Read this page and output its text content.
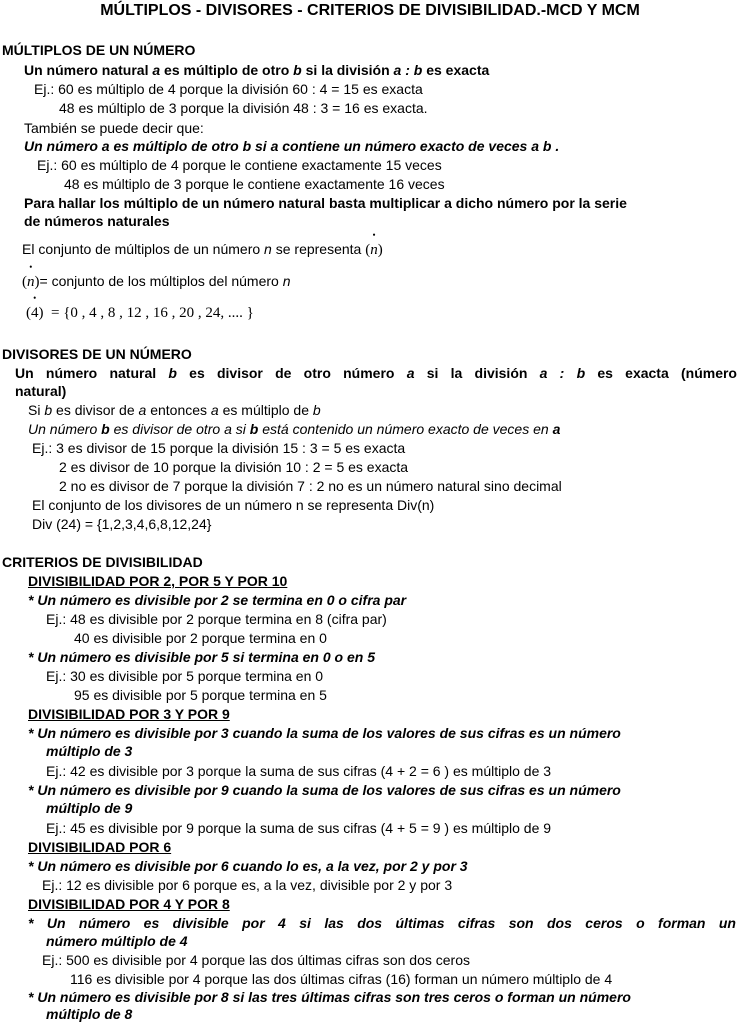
MÚLTIPLOS - DIVISORES - CRITERIOS DE DIVISIBILIDAD.-MCD Y MCM
MÚLTIPLOS DE UN NÚMERO
Un número natural a es múltiplo de otro b si la división a : b es exacta
Ej.: 60 es múltiplo de 4 porque la división 60 : 4 = 15 es exacta
48 es múltiplo de 3 porque la división 48 : 3 = 16 es exacta.
También se puede decir que:
Un número a es múltiplo de otro b si a contiene un número exacto de veces a b .
Ej.: 60 es múltiplo de 4 porque le contiene exactamente 15 veces
48 es múltiplo de 3 porque le contiene exactamente 16 veces
Para hallar los múltiplo de un número natural basta multiplicar a dicho número por la serie
de números naturales
El conjunto de múltiplos de un número n se representa (• n)
(• n)= conjunto de los múltiplos del número n
(• 4)  = {0 , 4 , 8 , 12 , 16 , 20 , 24, .... }
DIVISORES DE UN NÚMERO
Un número natural b es divisor de otro número a si la división a : b es exacta (número
natural)
Si b es divisor de a entonces a es múltiplo de b
Un número b es divisor de otro a si b está contenido un número exacto de veces en a
Ej.: 3 es divisor de 15 porque la división 15 : 3 = 5 es exacta
2 es divisor de 10 porque la división 10 : 2 = 5 es exacta
2 no es divisor de 7 porque la división 7 : 2 no es un número natural sino decimal
El conjunto de los divisores de un número n se representa Div(n)
Div (24) = {1,2,3,4,6,8,12,24}
CRITERIOS DE DIVISIBILIDAD
DIVISIBILIDAD POR 2, POR 5 Y POR 10
* Un número es divisible por 2 se termina en 0 o cifra par
Ej.: 48 es divisible por 2 porque termina en 8 (cifra par)
40 es divisible por 2 porque termina en 0
* Un número es divisible por 5 si termina en 0 o en 5
Ej.: 30 es divisible por 5 porque termina en 0
95 es divisible por 5 porque termina en 5
DIVISIBILIDAD POR 3 Y POR 9
* Un número es divisible por 3 cuando la suma de los valores de sus cifras es un número
múltiplo de 3
Ej.: 42 es divisible por 3 porque la suma de sus cifras (4 + 2 = 6 ) es múltiplo de 3
* Un número es divisible por 9 cuando la suma de los valores de sus cifras es un número
múltiplo de 9
Ej.: 45 es divisible por 9 porque la suma de sus cifras (4 + 5 = 9 ) es múltiplo de 9
DIVISIBILIDAD POR 6
* Un número es divisible por 6 cuando lo es, a la vez, por 2 y por 3
Ej.: 12 es divisible por 6 porque es, a la vez, divisible por 2 y por 3
DIVISIBILIDAD POR 4 Y POR 8
* Un número es divisible por 4 si las dos últimas cifras son dos ceros o forman un
número múltiplo de 4
Ej.: 500 es divisible por 4 porque las dos últimas cifras son dos ceros
116 es divisible por 4 porque las dos últimas cifras (16) forman un número múltiplo de 4
* Un número es divisible por 8 si las tres últimas cifras son tres ceros o forman un número
múltiplo de 8
